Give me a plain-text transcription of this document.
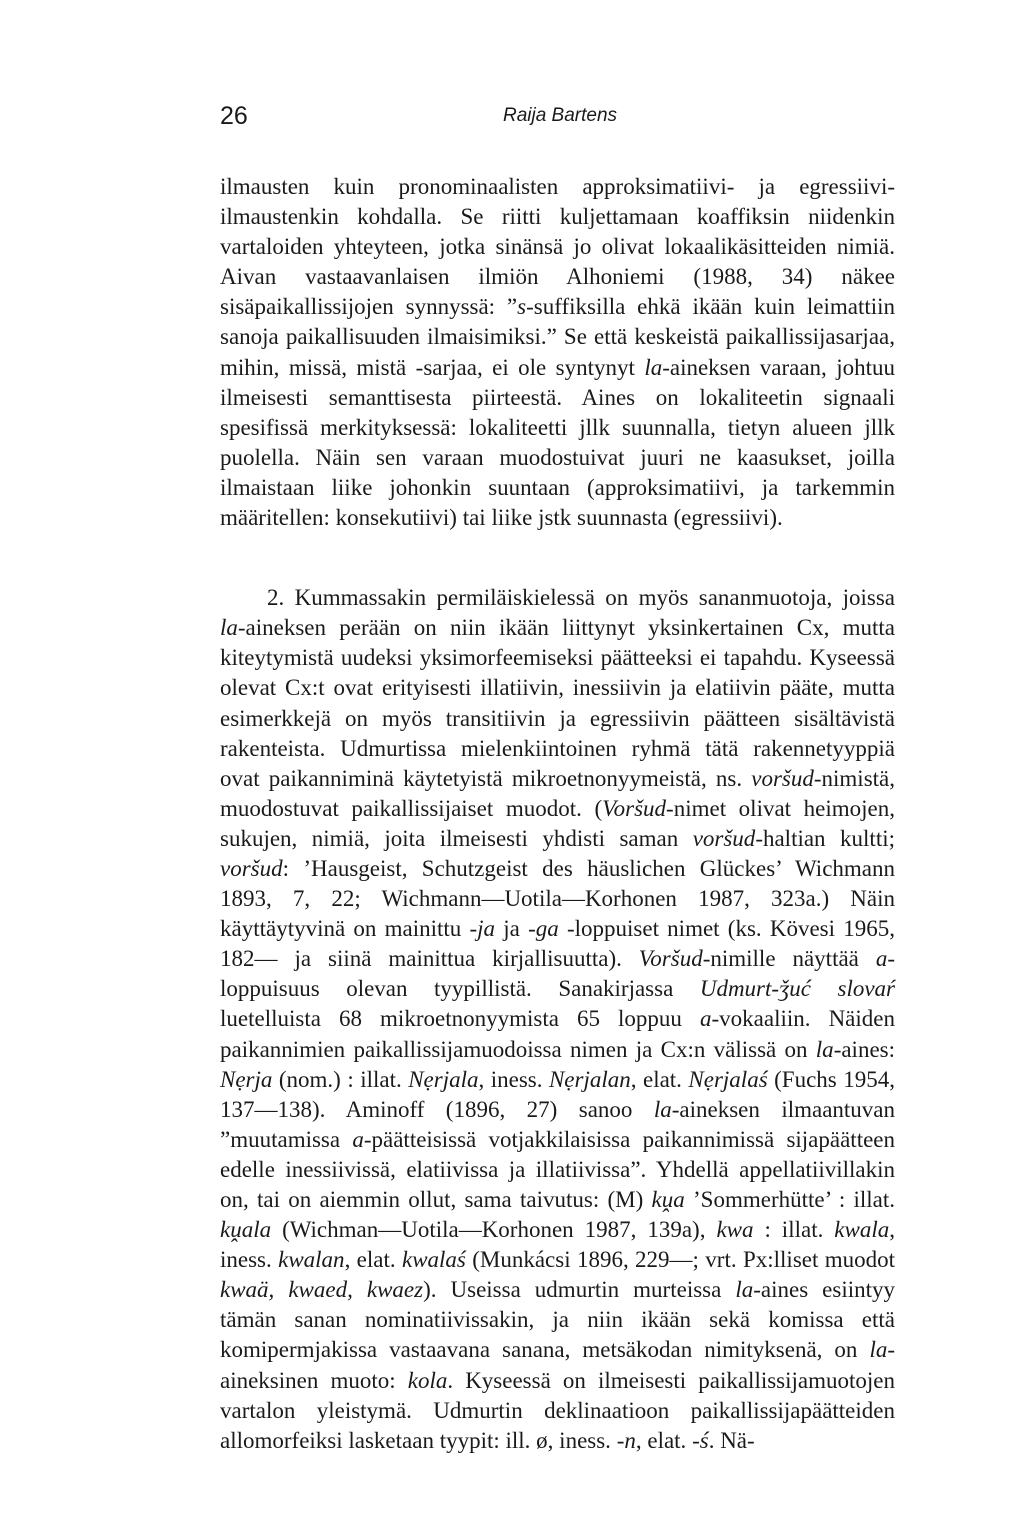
26	Raija Bartens

ilmausten kuin pronominaalisten approksimatiivi- ja egressiivi-ilmaustenkin kohdalla. Se riitti kuljettamaan koaffiksin niidenkin vartaloiden yhteyteen, jotka sinänsä jo olivat lokaalikäsitteiden nimiä. Aivan vastaavanlaisen ilmiön Alhoniemi (1988, 34) näkee sisäpaikallissijojen synnyssä: ”s-suffiksilla ehkä ikään kuin leimattiin sanoja paikallisuuden ilmaisimiksi.” Se että keskeistä paikallissijasarjaa, mihin, missä, mistä -sarjaa, ei ole syntynyt la-aineksen varaan, johtuu ilmeisesti semanttisesta piirteestä. Aines on lokaliteetin signaali spesifissä merkityksessä: lokaliteetti jllk suunnalla, tietyn alueen jllk puolella. Näin sen varaan muodostuivat juuri ne kaasukset, joilla ilmaistaan liike johonkin suuntaan (approksimatiivi, ja tarkemmin määritellen: konsekutiivi) tai liike jstk suunnasta (egressiivi).

2. Kummassakin permiläiskielessä on myös sananmuotoja, joissa la-aineksen perään on niin ikään liittynyt yksinkertainen Cx, mutta kiteytymistä uudeksi yksimorfeemiseksi päätteeksi ei tapahdu. Kyseessä olevat Cx:t ovat erityisesti illatiivin, inessiivin ja elatiivin pääte, mutta esimerkkejä on myös transitiivin ja egressiivin päätteen sisältävistä rakenteista. Udmurtissa mielenkiintoinen ryhmä tätä rakennetyyppiä ovat paikanniminä käytetyistä mikroetnonyymeistä, ns. voršud-nimistä, muodostuvat paikallissijaiset muodot. (Voršud-nimet olivat heimojen, sukujen, nimiä, joita ilmeisesti yhdisti saman voršud-haltian kultti; voršud: ’Hausgeist, Schutzgeist des häuslichen Glückes’ Wichmann 1893, 7, 22; Wichmann—Uotila—Korhonen 1987, 323a.) Näin käyttäytyvinä on mainittu -ja ja -ga -loppuiset nimet (ks. Kövesi 1965, 182— ja siinä mainittua kirjallisuutta). Voršud-nimille näyttää a-loppuisuus olevan tyypillistä. Sanakirjassa Udmurt-ǯuć slovaŕ luetelluista 68 mikroetnonyymista 65 loppuu a-vokaaliin. Näiden paikannimien paikallissijamuodoissa nimen ja Cx:n välissä on la-aines: Nẹrja (nom.) : illat. Nẹrjala, iness. Nẹrjalan, elat. Nẹrjalaś (Fuchs 1954, 137—138). Aminoff (1896, 27) sanoo la-aineksen ilmaantuvan ”muutamissa a-päätteisissä votjakkilaisissa paikannimissä sijapäätteen edelle inessiivissä, elatiivissa ja illatiivissa”. Yhdellä appellatiivillakin on, tai on aiemmin ollut, sama taivutus: (M) kṷa ’Sommerhütte’ : illat. kṷala (Wichman—Uotila—Korhonen 1987, 139a), kwa : illat. kwala, iness. kwalan, elat. kwalaś (Munkácsi 1896, 229—; vrt. Px:lliset muodot kwaä, kwaed, kwaez). Useissa udmurtin murteissa la-aines esiintyy tämän sanan nominatiivissakin, ja niin ikään sekä komissa että komipermjakissa vastaavana sanana, metsäkodan nimityksenä, on la-aineksinen muoto: kola. Kyseessä on ilmeisesti paikallissijamuotojen vartalon yleistymä. Udmurtin deklinaatioon paikallissijapäätteiden allomorfeiksi lasketaan tyypit: ill. ø, iness. -n, elat. -ś. Nä-
